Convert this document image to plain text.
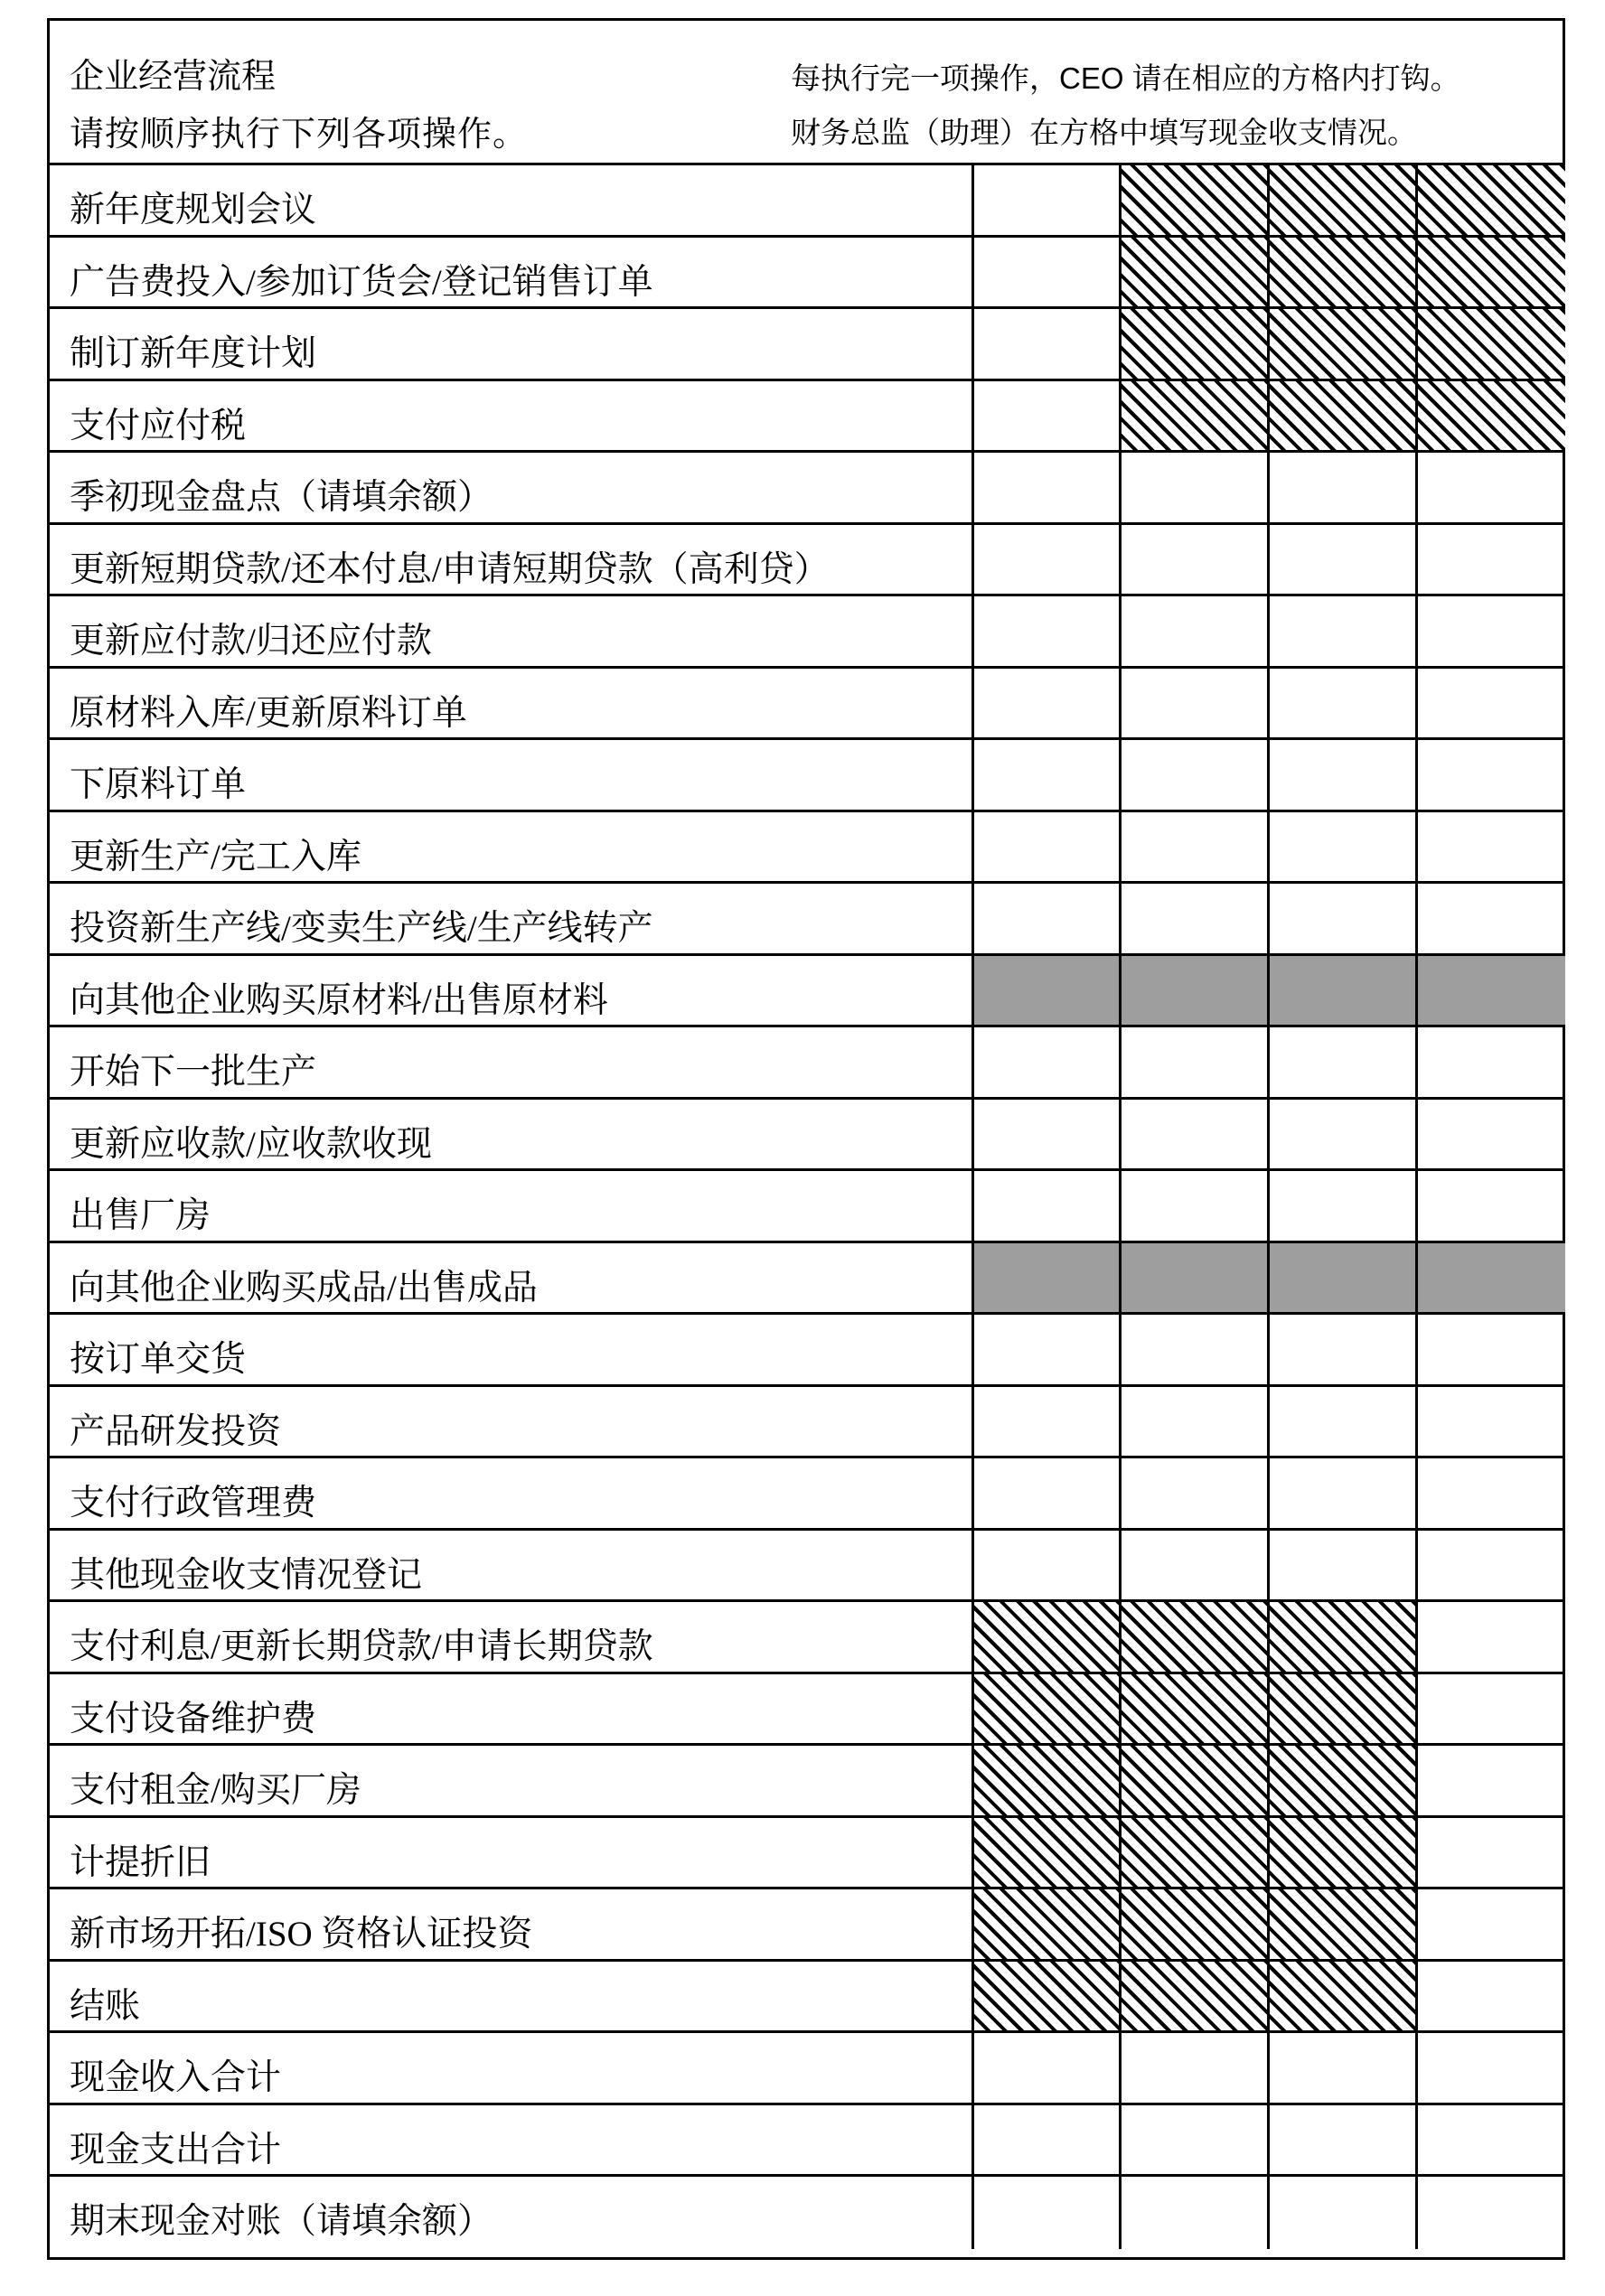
企业经营流程
请按顺序执行下列各项操作。
每执行完一项操作，CEO 请在相应的方格内打钩。
财务总监（助理）在方格中填写现金收支情况。
新年度规划会议
广告费投入/参加订货会/登记销售订单
制订新年度计划
支付应付税
季初现金盘点（请填余额）
更新短期贷款/还本付息/申请短期贷款（高利贷）
更新应付款/归还应付款
原材料入库/更新原料订单
下原料订单
更新生产/完工入库
投资新生产线/变卖生产线/生产线转产
向其他企业购买原材料/出售原材料
开始下一批生产
更新应收款/应收款收现
出售厂房
向其他企业购买成品/出售成品
按订单交货
产品研发投资
支付行政管理费
其他现金收支情况登记
支付利息/更新长期贷款/申请长期贷款
支付设备维护费
支付租金/购买厂房
计提折旧
新市场开拓/ISO 资格认证投资
结账
现金收入合计
现金支出合计
期末现金对账（请填余额）
